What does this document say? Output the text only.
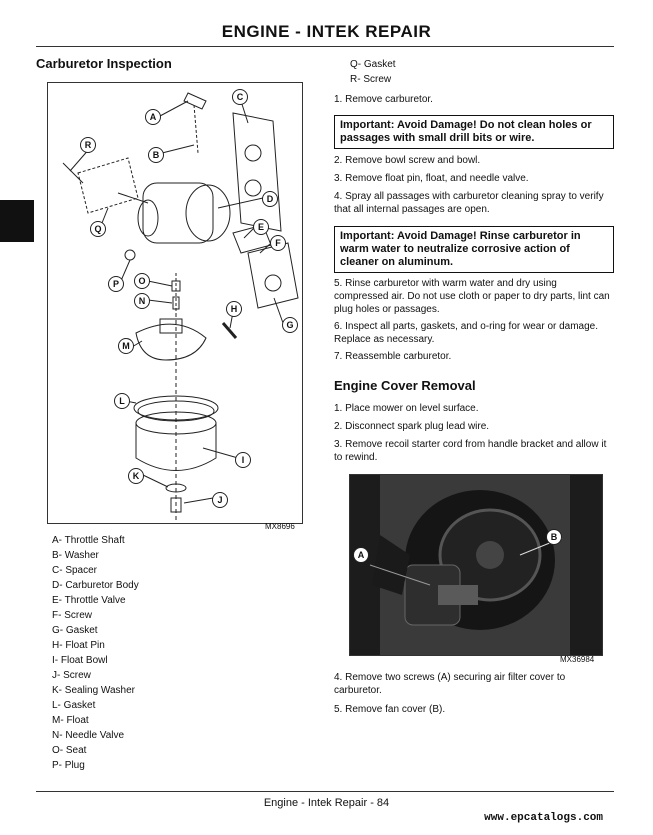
ENGINE - INTEK REPAIR
Carburetor Inspection
A
B
C
D
E
F
G
H
I
J
K
L
M
N
O
P
Q
R
MX8696
A- Throttle Shaft
B- Washer
C- Spacer
D- Carburetor Body
E- Throttle Valve
F- Screw
G- Gasket
H- Float Pin
I- Float Bowl
J- Screw
K- Sealing Washer
L- Gasket
M- Float
N- Needle Valve
O- Seat
P- Plug
Q- Gasket
R- Screw

1. Remove carburetor.

Important: Avoid Damage! Do not clean holes or passages with small drill bits or wire.

2. Remove bowl screw and bowl.

3. Remove float pin, float, and needle valve.

4. Spray all passages with carburetor cleaning spray to verify that all internal passages are open.

Important: Avoid Damage! Rinse carburetor in warm water to neutralize corrosive action of cleaner on aluminum.

5. Rinse carburetor with warm water and dry using compressed air. Do not use cloth or paper to dry parts, lint can plug holes or passages.

6. Inspect all parts, gaskets, and o-ring for wear or damage. Replace as necessary.

7. Reassemble carburetor.

Engine Cover Removal

1. Place mower on level surface.

2. Disconnect spark plug lead wire.

3. Remove recoil starter cord from handle bracket and allow it to rewind.

A
B
MX36984

4. Remove two screws (A) securing air filter cover to carburetor.

5. Remove fan cover (B).

Engine - Intek Repair - 84
www.epcatalogs.com
